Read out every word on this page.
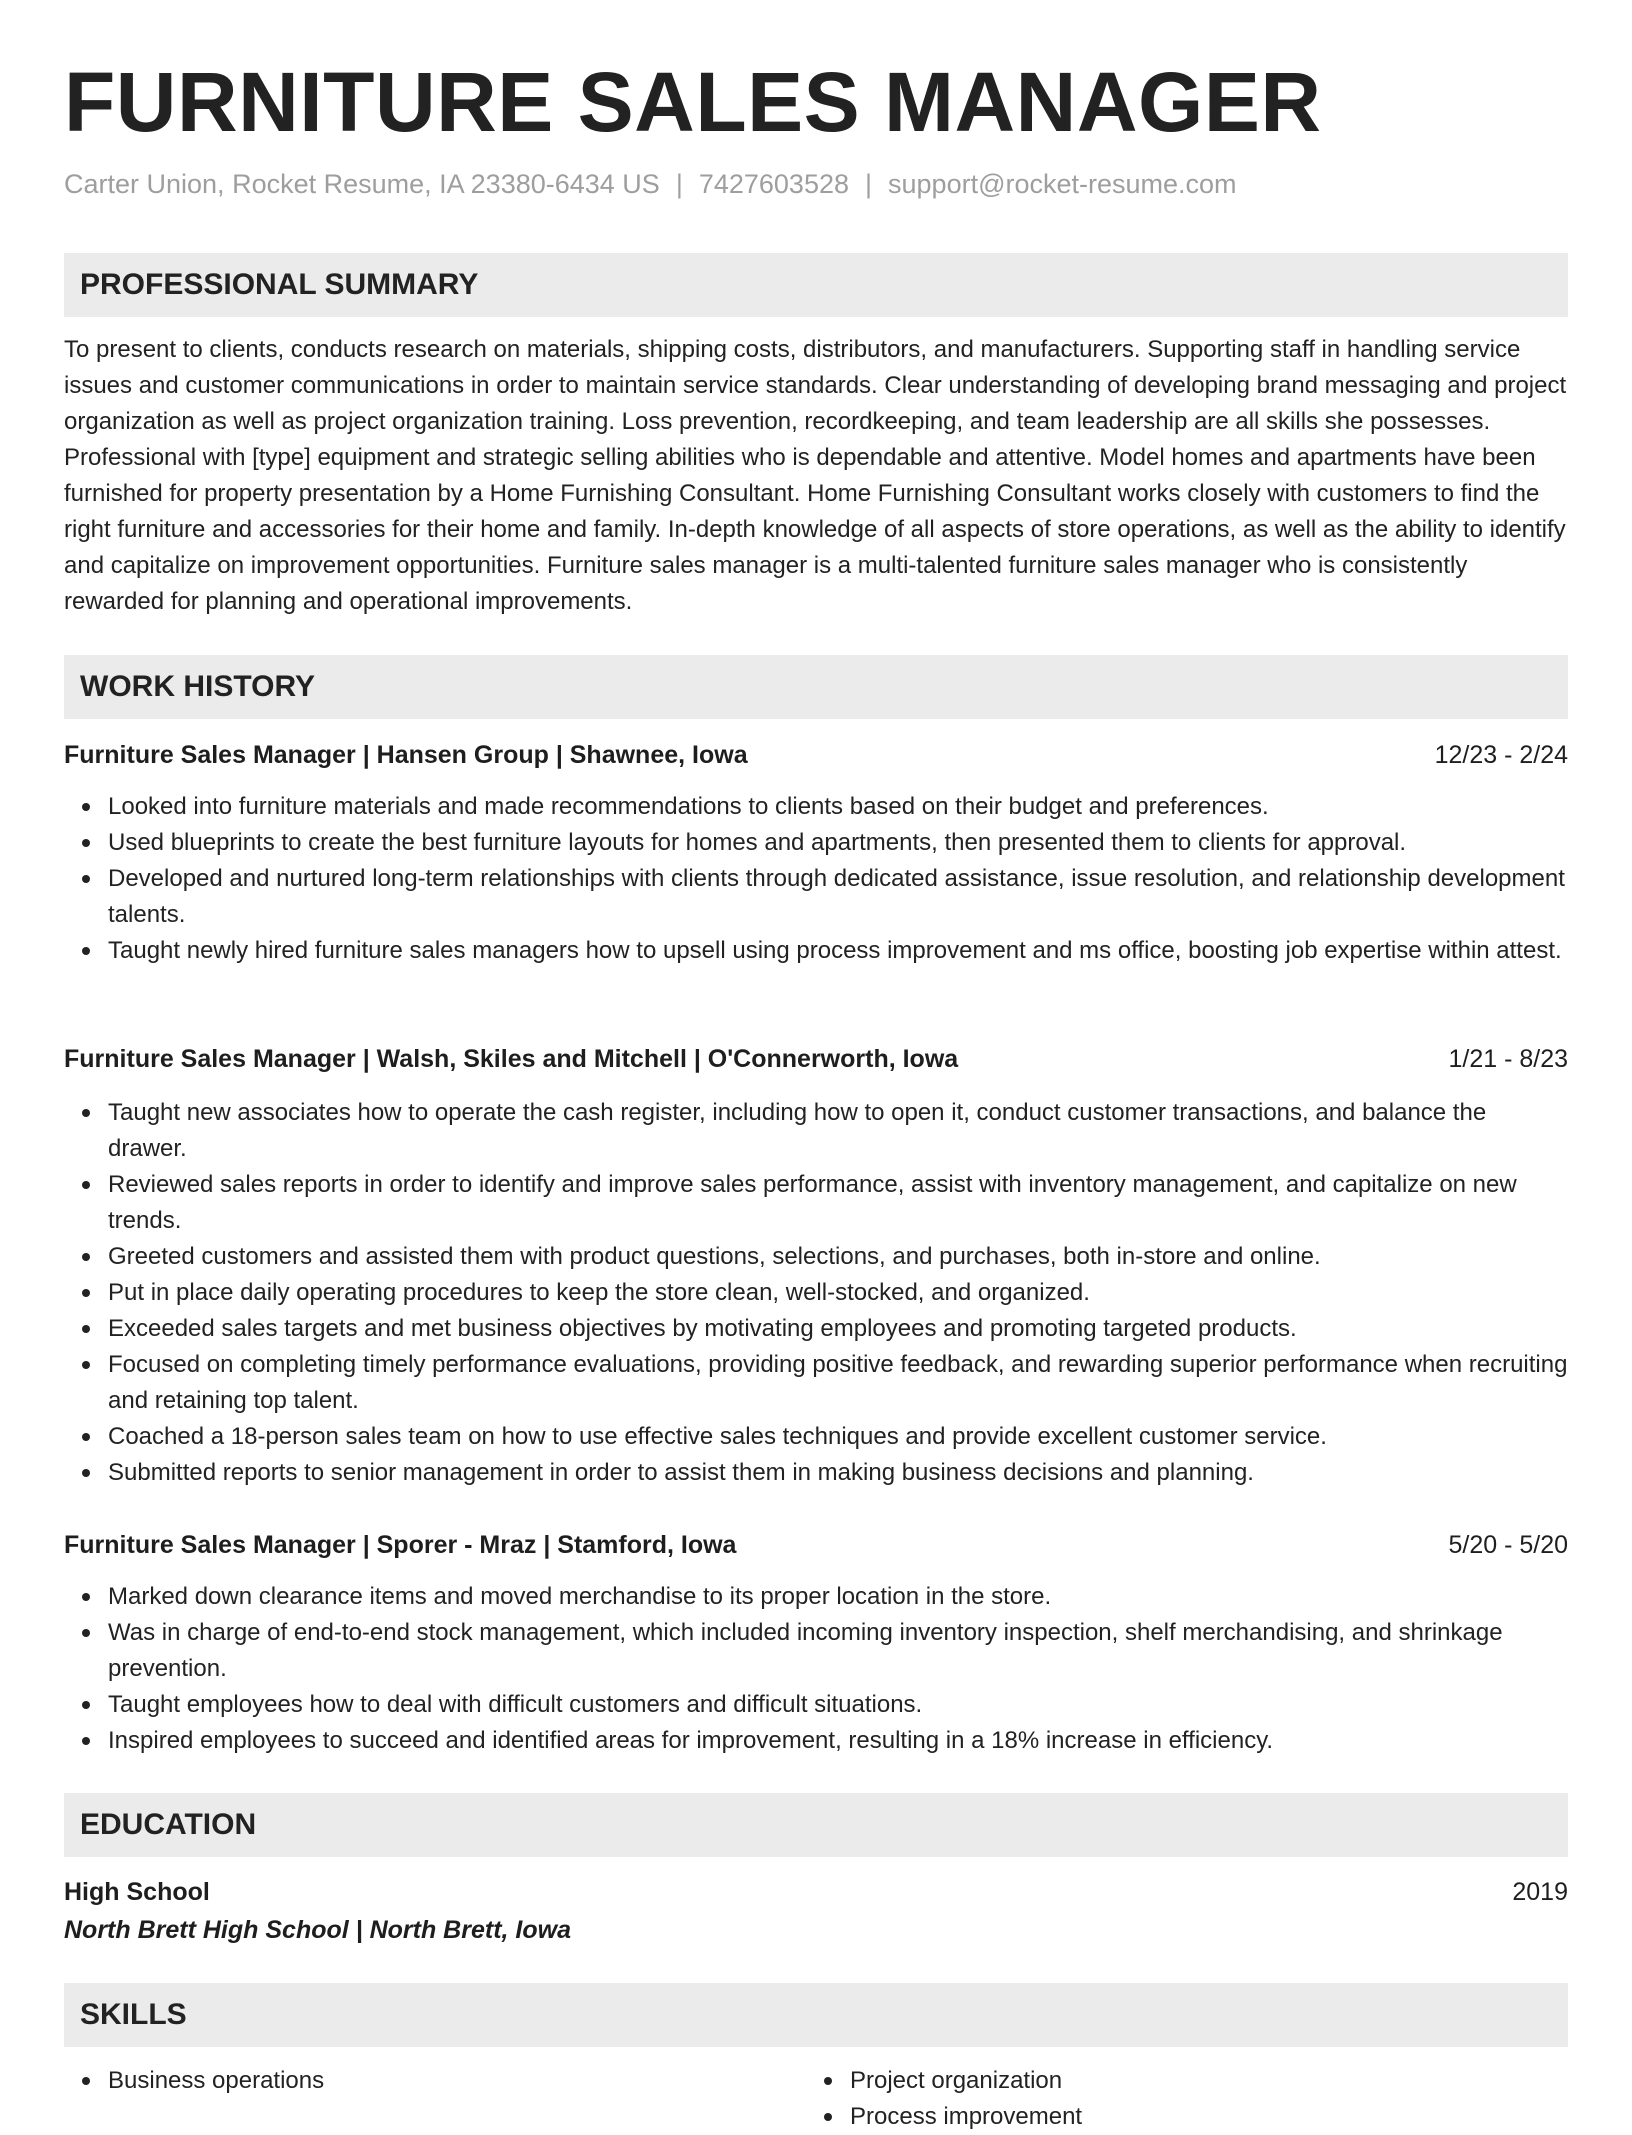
FURNITURE SALES MANAGER
Carter Union, Rocket Resume, IA 23380-6434 US | 7427603528 | support@rocket-resume.com
PROFESSIONAL SUMMARY

To present to clients, conducts research on materials, shipping costs, distributors, and manufacturers. Supporting staff in handling service issues and customer communications in order to maintain service standards. Clear understanding of developing brand messaging and project organization as well as project organization training. Loss prevention, recordkeeping, and team leadership are all skills she possesses. Professional with [type] equipment and strategic selling abilities who is dependable and attentive. Model homes and apartments have been furnished for property presentation by a Home Furnishing Consultant. Home Furnishing Consultant works closely with customers to find the right furniture and accessories for their home and family. In-depth knowledge of all aspects of store operations, as well as the ability to identify and capitalize on improvement opportunities. Furniture sales manager is a multi-talented furniture sales manager who is consistently rewarded for planning and operational improvements.

WORK HISTORY
Furniture Sales Manager | Hansen Group | Shawnee, Iowa	12/23 - 2/24
Looked into furniture materials and made recommendations to clients based on their budget and preferences.
Used blueprints to create the best furniture layouts for homes and apartments, then presented them to clients for approval.
Developed and nurtured long-term relationships with clients through dedicated assistance, issue resolution, and relationship development talents.
Taught newly hired furniture sales managers how to upsell using process improvement and ms office, boosting job expertise within attest.
Furniture Sales Manager | Walsh, Skiles and Mitchell | O'Connerworth, Iowa	1/21 - 8/23
Taught new associates how to operate the cash register, including how to open it, conduct customer transactions, and balance the drawer.
Reviewed sales reports in order to identify and improve sales performance, assist with inventory management, and capitalize on new trends.
Greeted customers and assisted them with product questions, selections, and purchases, both in-store and online.
Put in place daily operating procedures to keep the store clean, well-stocked, and organized.
Exceeded sales targets and met business objectives by motivating employees and promoting targeted products.
Focused on completing timely performance evaluations, providing positive feedback, and rewarding superior performance when recruiting and retaining top talent.
Coached a 18-person sales team on how to use effective sales techniques and provide excellent customer service.
Submitted reports to senior management in order to assist them in making business decisions and planning.
Furniture Sales Manager | Sporer - Mraz | Stamford, Iowa	5/20 - 5/20
Marked down clearance items and moved merchandise to its proper location in the store.
Was in charge of end-to-end stock management, which included incoming inventory inspection, shelf merchandising, and shrinkage prevention.
Taught employees how to deal with difficult customers and difficult situations.
Inspired employees to succeed and identified areas for improvement, resulting in a 18% increase in efficiency.
EDUCATION
High School	2019
North Brett High School | North Brett, Iowa
SKILLS
Business operations	Project organization
Process improvement
